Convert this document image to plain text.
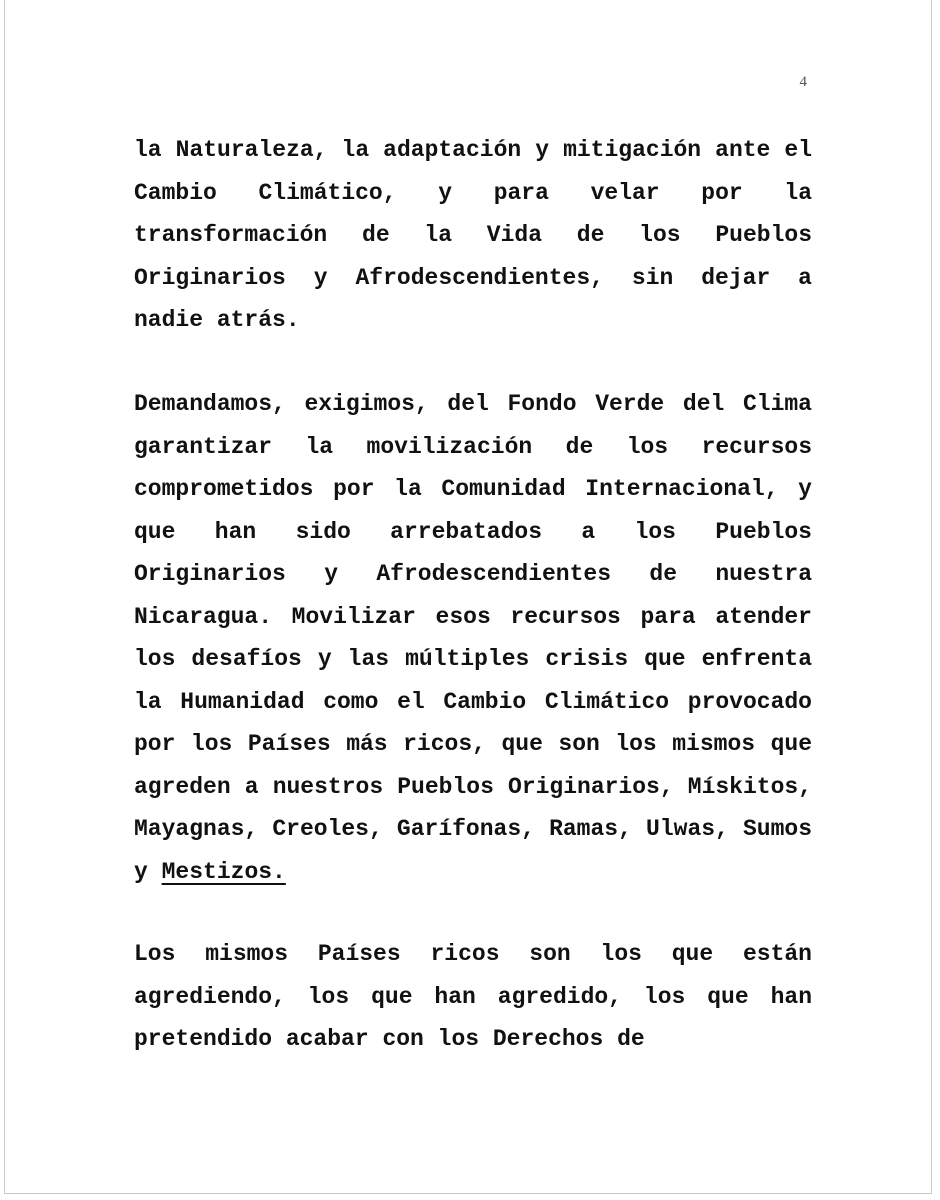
4

la Naturaleza, la adaptación y mitigación ante el Cambio Climático, y para velar por la transformación de la Vida de los Pueblos Originarios y Afrodescendientes, sin dejar a nadie atrás.

Demandamos, exigimos, del Fondo Verde del Clima garantizar la movilización de los recursos comprometidos por la Comunidad Internacional, y que han sido arrebatados a los Pueblos Originarios y Afrodescendientes de nuestra Nicaragua. Movilizar esos recursos para atender los desafíos y las múltiples crisis que enfrenta la Humanidad como el Cambio Climático provocado por los Países más ricos, que son los mismos que agreden a nuestros Pueblos Originarios, Mískitos, Mayagnas, Creoles, Garífonas, Ramas, Ulwas, Sumos y Mestizos.

Los mismos Países ricos son los que están agrediendo, los que han agredido, los que han pretendido acabar con los Derechos de
